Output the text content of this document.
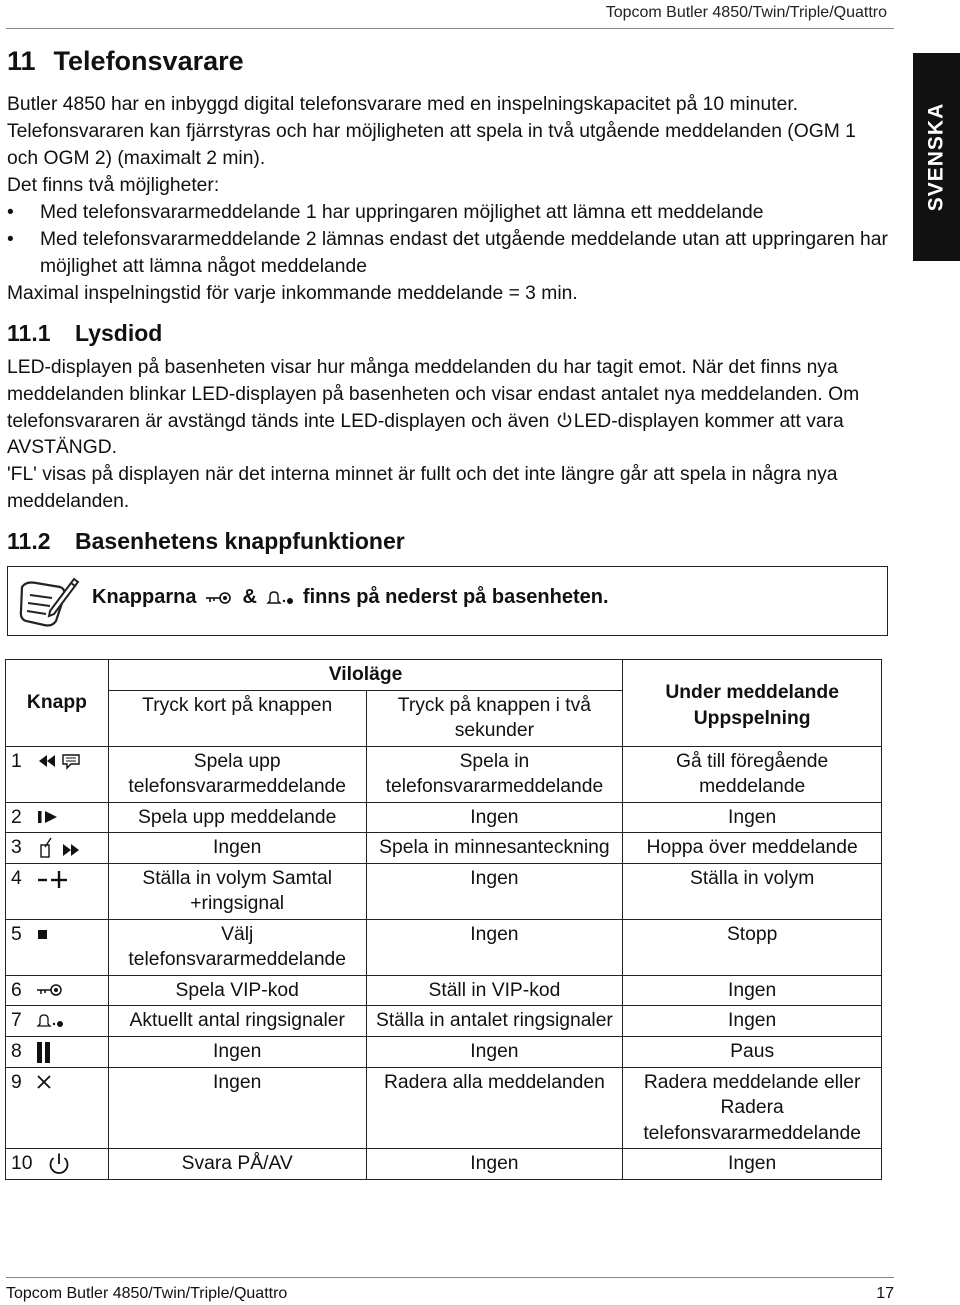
Topcom Butler 4850/Twin/Triple/Quattro
SVENSKA
11 Telefonsvarare

Butler 4850 har en inbyggd digital telefonsvarare med en inspelningskapacitet på 10 minuter. Telefonsvararen kan fjärrstyras och har möjligheten att spela in två utgående meddelanden (OGM 1 och OGM 2) (maximalt 2 min).

Det finns två möjligheter:

• Med telefonsvararmeddelande 1 har uppringaren möjlighet att lämna ett meddelande
• Med telefonsvararmeddelande 2 lämnas endast det utgående meddelande utan att uppringaren har möjlighet att lämna något meddelande

Maximal inspelningstid för varje inkommande meddelande = 3 min.

11.1 Lysdiod

LED-displayen på basenheten visar hur många meddelanden du har tagit emot. När det finns nya meddelanden blinkar LED-displayen på basenheten och visar endast antalet nya meddelanden. Om telefonsvararen är avstängd tänds inte LED-displayen och även LED-displayen kommer att vara AVSTÄNGD.

'FL' visas på displayen när det interna minnet är fullt och det inte längre går att spela in några nya meddelanden.

11.2 Basenhetens knappfunktioner
Knapparna & finns på nederst på basenheten.
Knapp	Viloläge		Under meddelande Uppspelning
	Tryck kort på knappen	Tryck på knappen i två sekunder	
1	Spela upp telefonsvararmeddelande	Spela in telefonsvararmeddelande	Gå till föregående meddelande
2	Spela upp meddelande	Ingen	Ingen
3	Ingen	Spela in minnesanteckning	Hoppa över meddelande
4	Ställa in volym Samtal +ringsignal	Ingen	Ställa in volym
5	Välj telefonsvararmeddelande	Ingen	Stopp
6	Spela VIP-kod	Ställ in VIP-kod	Ingen
7	Aktuellt antal ringsignaler	Ställa in antalet ringsignaler	Ingen
8	Ingen	Ingen	Paus
9	Ingen	Radera alla meddelanden	Radera meddelande eller Radera telefonsvararmeddelande
10	Svara PÅ/AV	Ingen	Ingen
Topcom Butler 4850/Twin/Triple/Quattro	17
